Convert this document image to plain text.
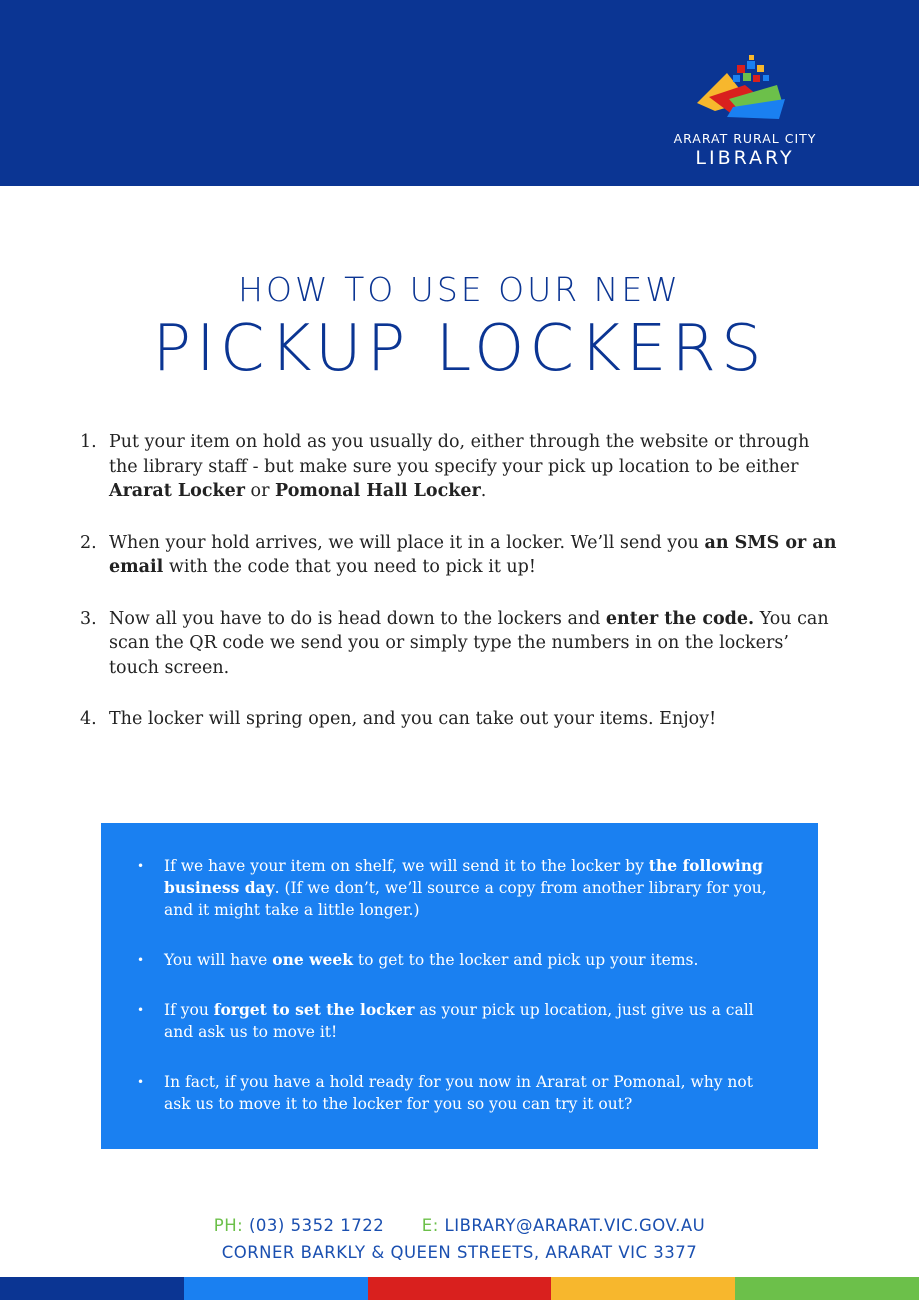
ARARAT RURAL CITY
LIBRARY
HOW TO USE OUR NEW
PICKUP LOCKERS
1. Put your item on hold as you usually do, either through the website or through the library staff - but make sure you specify your pick up location to be either Ararat Locker or Pomonal Hall Locker.
2. When your hold arrives, we will place it in a locker. We’ll send you an SMS or an email with the code that you need to pick it up!
3. Now all you have to do is head down to the lockers and enter the code. You can scan the QR code we send you or simply type the numbers in on the lockers’ touch screen.
4. The locker will spring open, and you can take out your items. Enjoy!
• If we have your item on shelf, we will send it to the locker by the following business day. (If we don’t, we’ll source a copy from another library for you, and it might take a little longer.)
• You will have one week to get to the locker and pick up your items.
• If you forget to set the locker as your pick up location, just give us a call and ask us to move it!
• In fact, if you have a hold ready for you now in Ararat or Pomonal, why not ask us to move it to the locker for you so you can try it out?
PH: (03) 5352 1722 E: LIBRARY@ARARAT.VIC.GOV.AU
CORNER BARKLY & QUEEN STREETS, ARARAT VIC 3377
